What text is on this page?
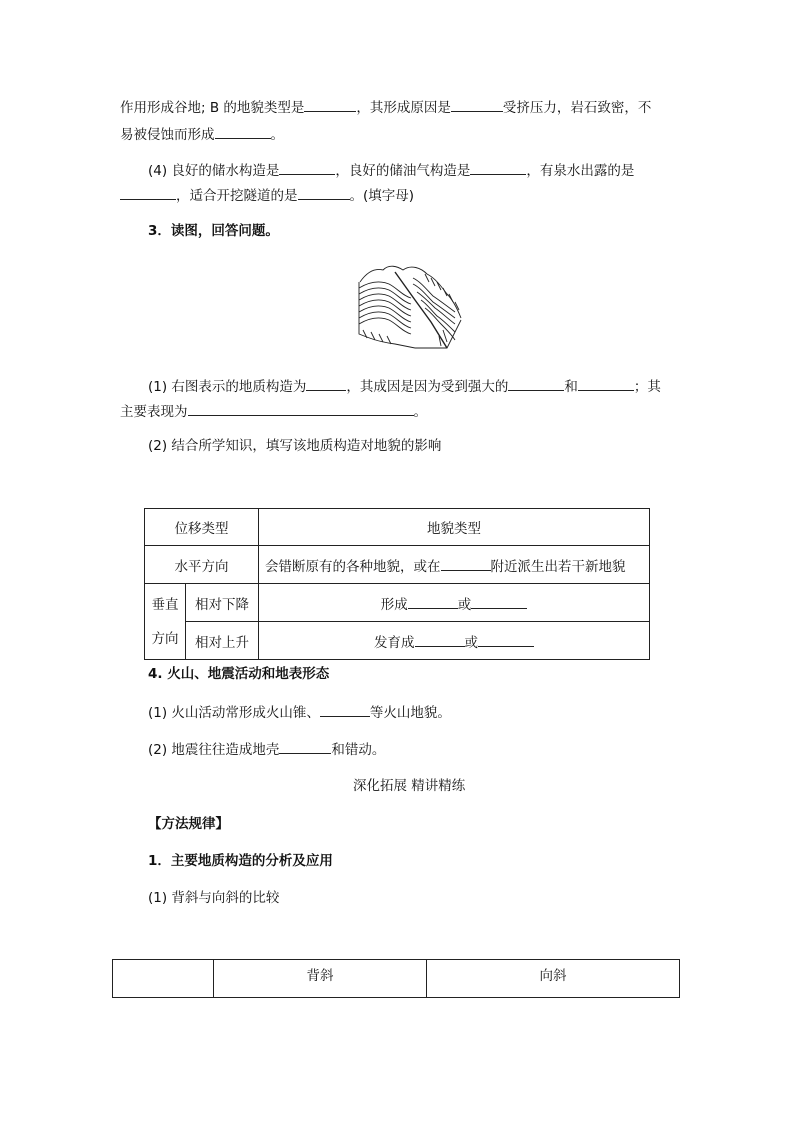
作用形成谷地; B 的地貌类型是	，其形成原因是	受挤压力，岩石致密，不
易被侵蚀而形成	。
(4) 良好的储水构造是	，良好的储油气构造是	，有泉水出露的是
，适合开挖隧道的是	。(填字母)
3．读图，回答问题。
(1) 右图表示的地质构造为	，其成因是因为受到强大的	和	；其
主要表现为	。
(2) 结合所学知识，填写该地质构造对地貌的影响
位移类型		地貌类型
水平方向		会错断原有的各种地貌，或在 附近派生出若干新地貌

垂直
方向	相对下降	形成 或
	相对上升	发育成 或
4. 火山、地震活动和地表形态
(1) 火山活动常形成火山锥、	等火山地貌。
(2) 地震往往造成地壳	和错动。
深化拓展 精讲精练
【方法规律】
1．主要地质构造的分析及应用
(1) 背斜与向斜的比较
	背斜	向斜
